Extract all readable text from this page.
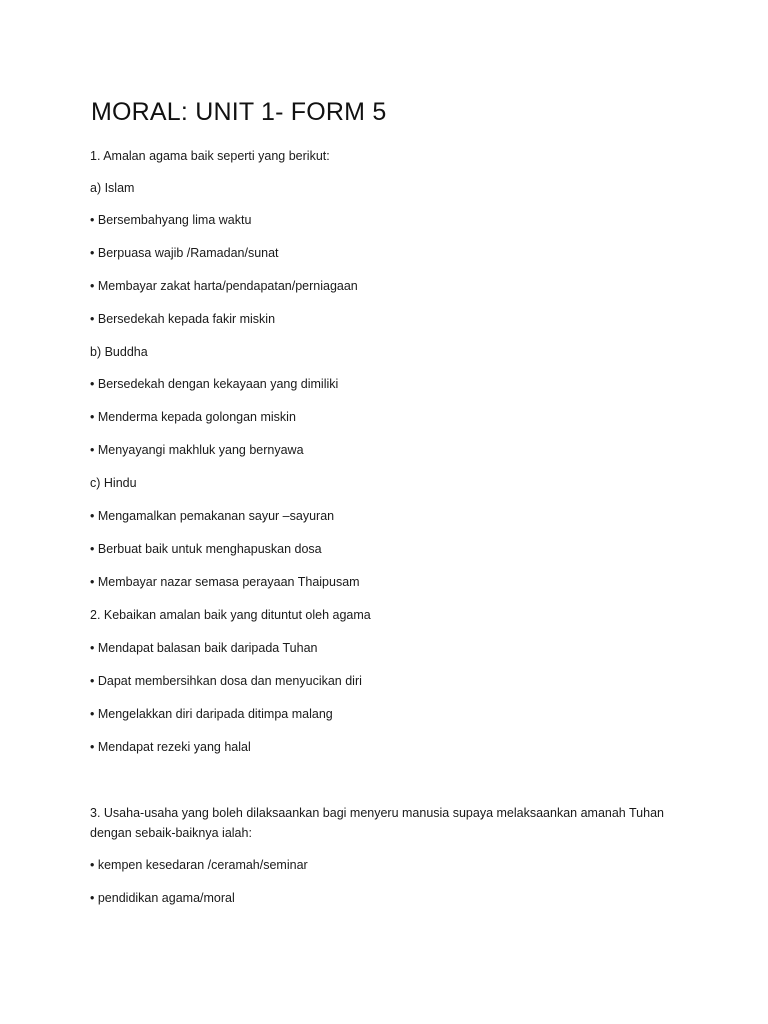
MORAL: UNIT 1- FORM 5
1. Amalan agama baik seperti yang berikut:
a) Islam
• Bersembahyang lima waktu
• Berpuasa wajib /Ramadan/sunat
• Membayar zakat harta/pendapatan/perniagaan
• Bersedekah kepada fakir miskin
b) Buddha
• Bersedekah dengan kekayaan yang dimiliki
• Menderma kepada golongan miskin
• Menyayangi makhluk yang bernyawa
c) Hindu
• Mengamalkan pemakanan sayur –sayuran
• Berbuat baik untuk menghapuskan dosa
• Membayar nazar semasa perayaan Thaipusam
2. Kebaikan amalan baik yang dituntut oleh agama
• Mendapat balasan baik daripada Tuhan
• Dapat membersihkan dosa dan menyucikan diri
• Mengelakkan diri daripada ditimpa malang
• Mendapat rezeki yang halal
3. Usaha-usaha yang boleh dilaksaankan bagi menyeru manusia supaya melaksaankan amanah Tuhan
dengan sebaik-baiknya ialah:
• kempen kesedaran /ceramah/seminar
• pendidikan agama/moral
